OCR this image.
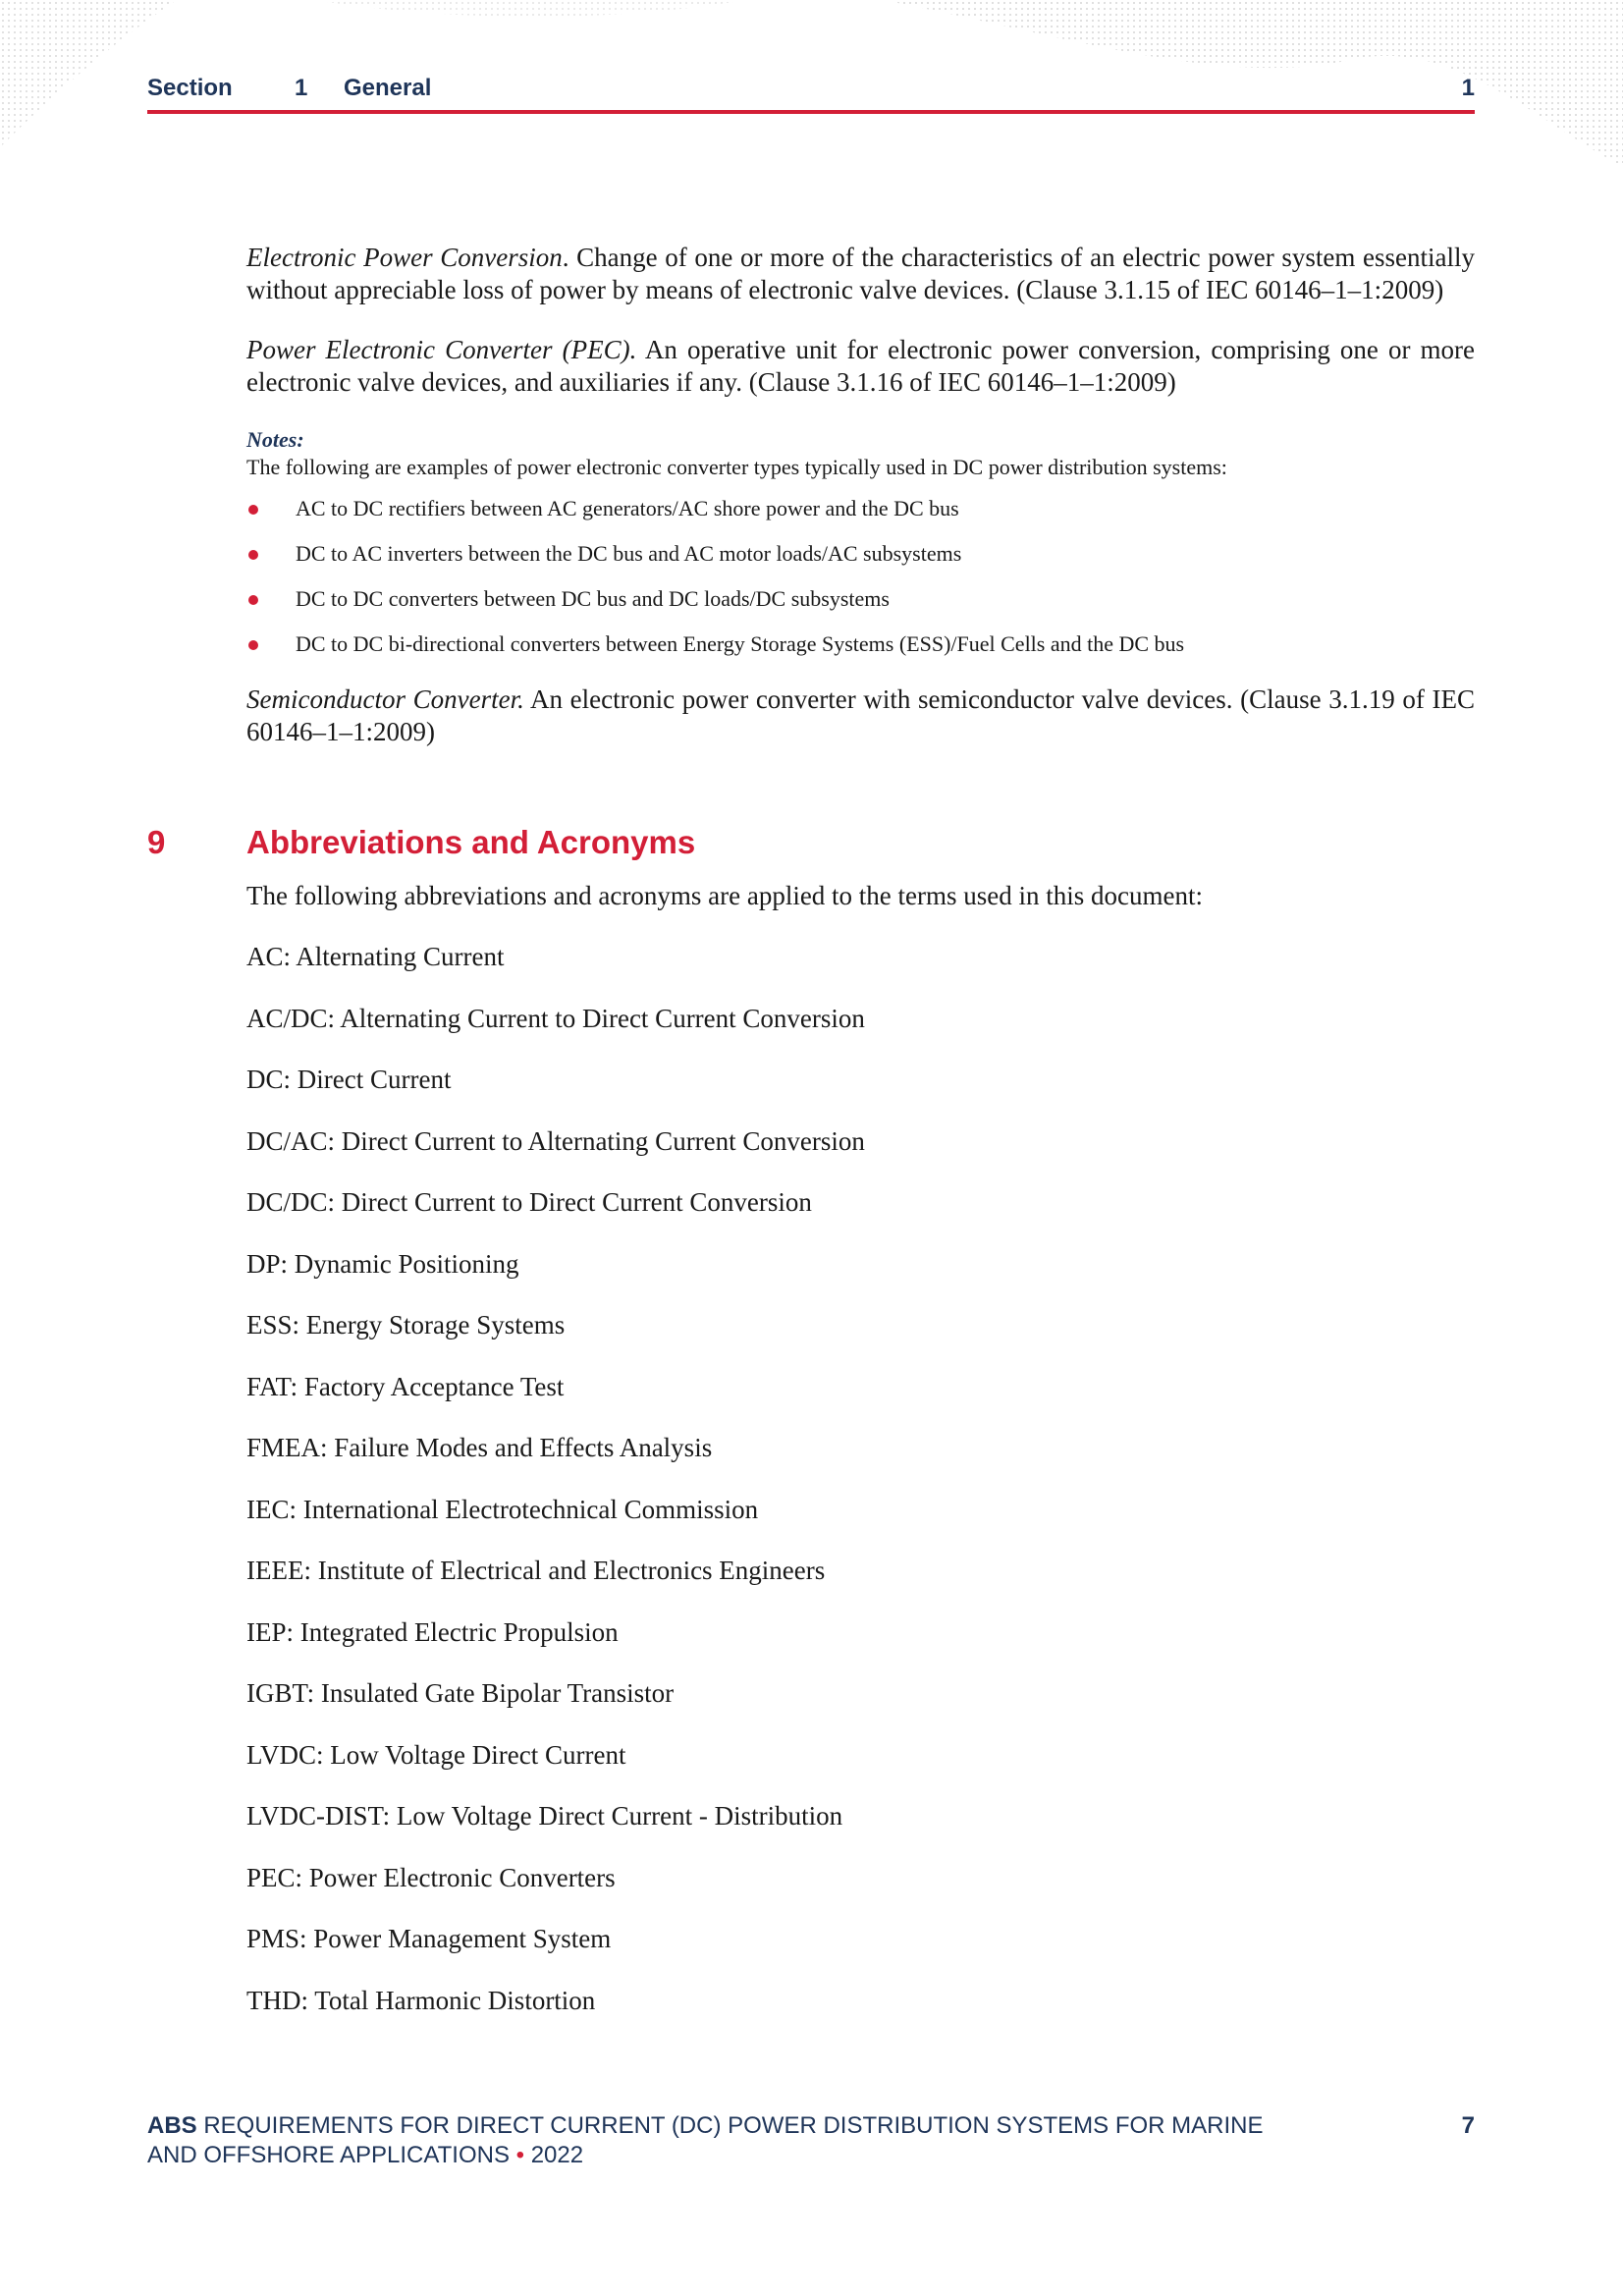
Section	1 General	1

Electronic Power Conversion. Change of one or more of the characteristics of an electric power system essentially without appreciable loss of power by means of electronic valve devices. (Clause 3.1.15 of IEC 60146–1–1:2009)

Power Electronic Converter (PEC). An operative unit for electronic power conversion, comprising one or more electronic valve devices, and auxiliaries if any. (Clause 3.1.16 of IEC 60146–1–1:2009)

Notes:

The following are examples of power electronic converter types typically used in DC power distribution systems:

AC to DC rectifiers between AC generators/AC shore power and the DC bus
DC to AC inverters between the DC bus and AC motor loads/AC subsystems
DC to DC converters between DC bus and DC loads/DC subsystems
DC to DC bi-directional converters between Energy Storage Systems (ESS)/Fuel Cells and the DC bus

Semiconductor Converter. An electronic power converter with semiconductor valve devices. (Clause 3.1.19 of IEC 60146–1–1:2009)

9	Abbreviations and Acronyms

The following abbreviations and acronyms are applied to the terms used in this document:

AC: Alternating Current
AC/DC: Alternating Current to Direct Current Conversion
DC: Direct Current
DC/AC: Direct Current to Alternating Current Conversion
DC/DC: Direct Current to Direct Current Conversion
DP: Dynamic Positioning
ESS: Energy Storage Systems
FAT: Factory Acceptance Test
FMEA: Failure Modes and Effects Analysis
IEC: International Electrotechnical Commission
IEEE: Institute of Electrical and Electronics Engineers
IEP: Integrated Electric Propulsion
IGBT: Insulated Gate Bipolar Transistor
LVDC: Low Voltage Direct Current
LVDC-DIST: Low Voltage Direct Current - Distribution
PEC: Power Electronic Converters
PMS: Power Management System
THD: Total Harmonic Distortion
ABS REQUIREMENTS FOR DIRECT CURRENT (DC) POWER DISTRIBUTION SYSTEMS FOR MARINE
AND OFFSHORE APPLICATIONS • 2022
7
